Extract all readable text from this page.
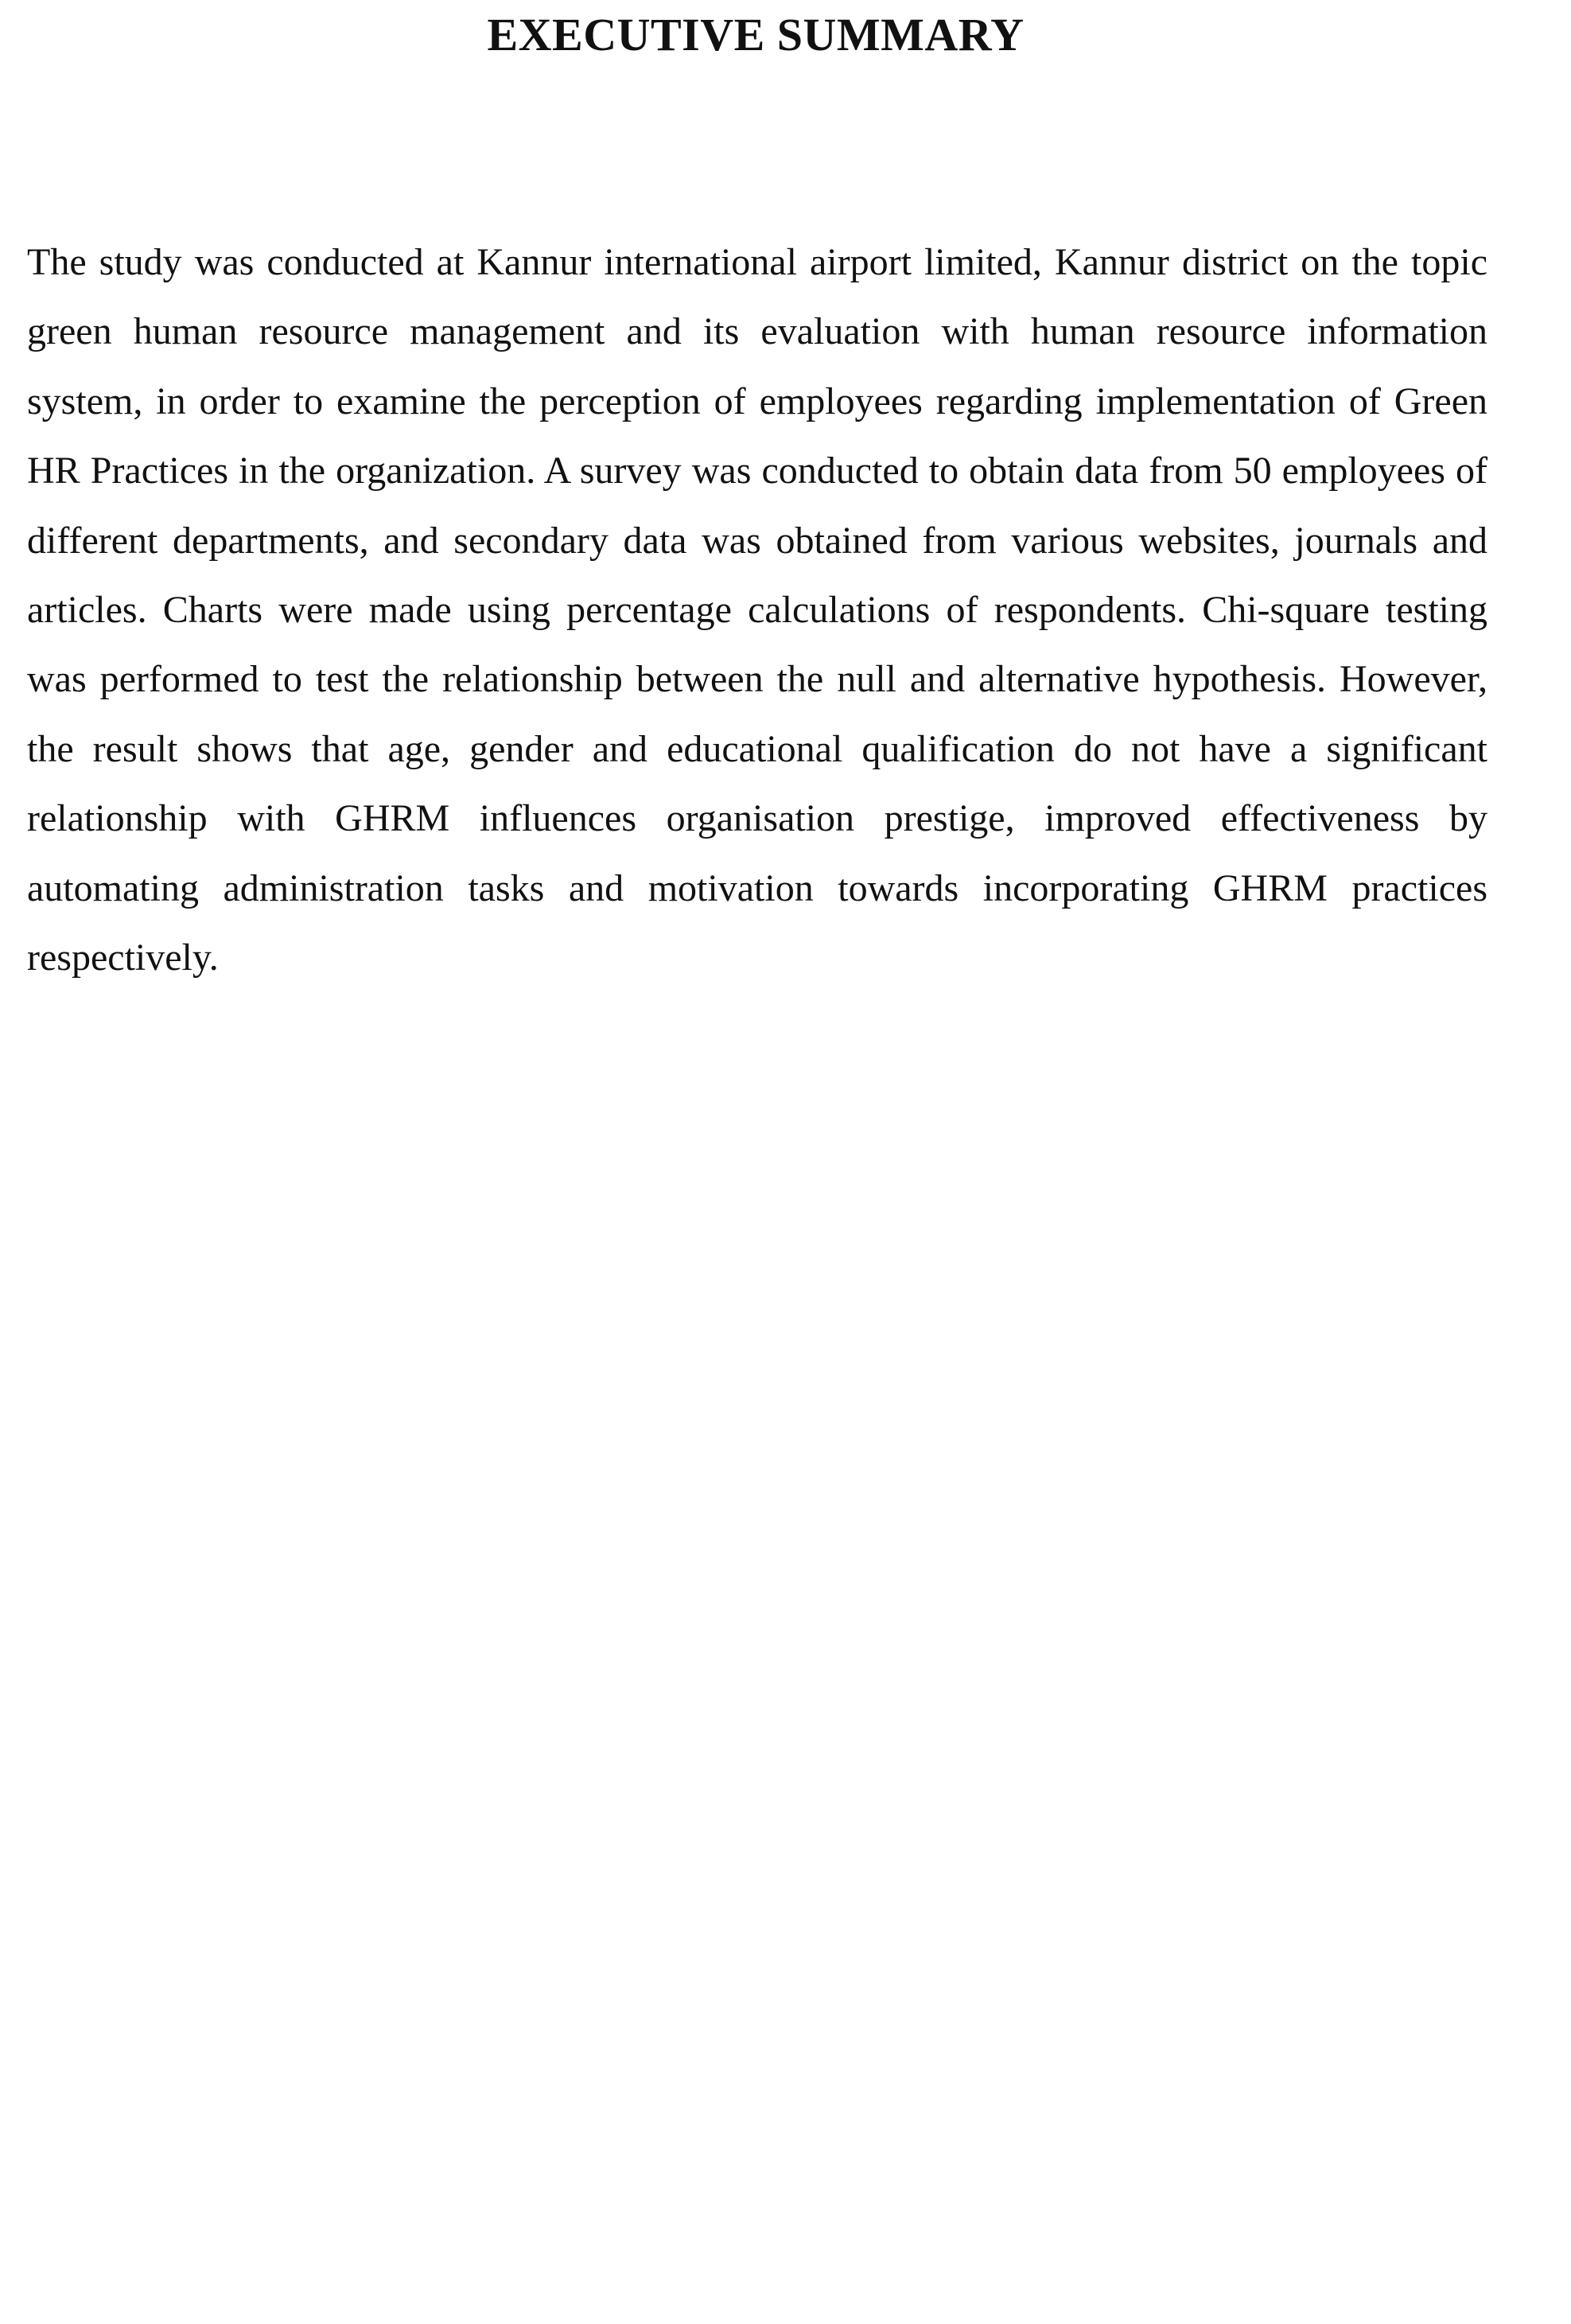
EXECUTIVE SUMMARY

The study was conducted at Kannur international airport limited, Kannur district on the topic green human resource management and its evaluation with human resource information system, in order to examine the perception of employees regarding implementation of Green HR Practices in the organization. A survey was conducted to obtain data from 50 employees of different departments, and secondary data was obtained from various websites, journals and articles. Charts were made using percentage calculations of respondents. Chi-square testing was performed to test the relationship between the null and alternative hypothesis. However, the result shows that age, gender and educational qualification do not have a significant relationship with GHRM influences organisation prestige, improved effectiveness by automating administration tasks and motivation towards incorporating GHRM practices respectively.
